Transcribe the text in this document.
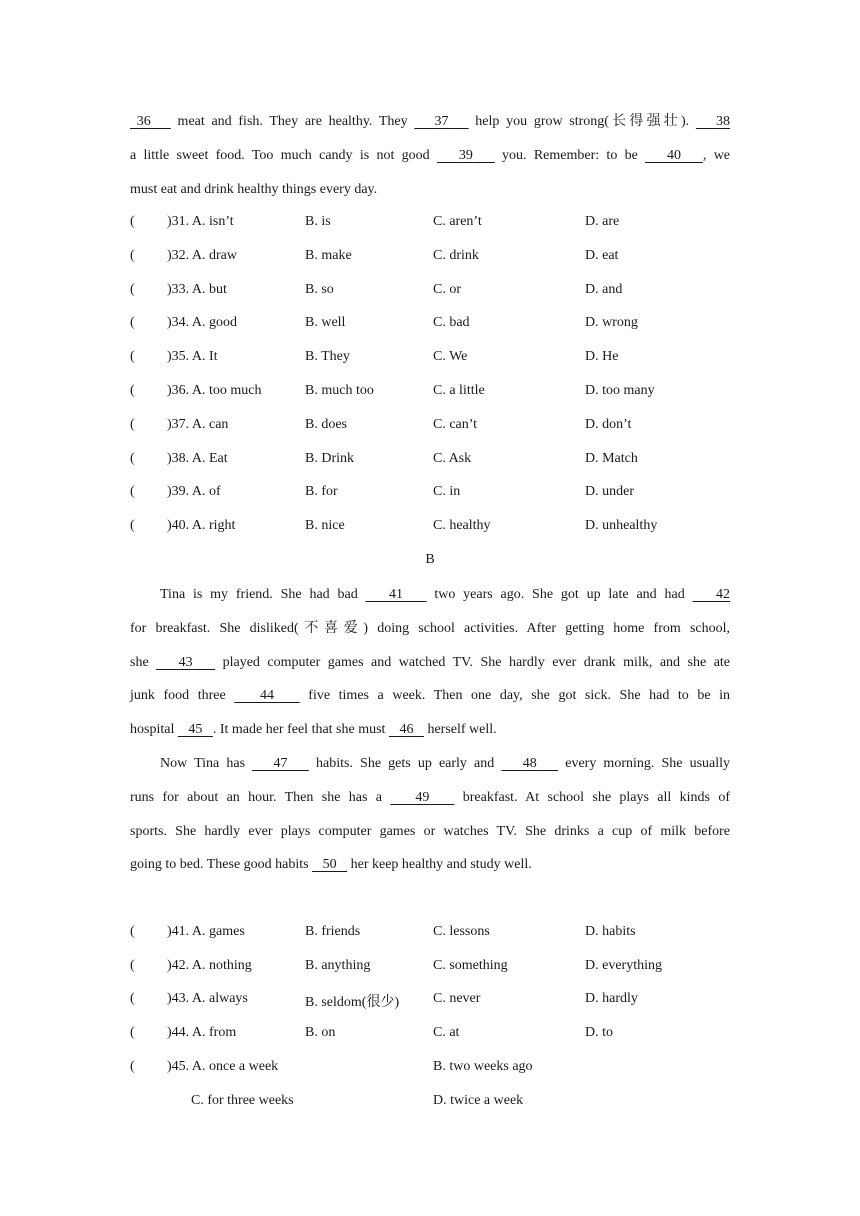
36    meat and fish. They are healthy. They    37    help you grow strong(长得强壮).    38
a little sweet food. Too much candy is not good    39    you. Remember: to be    40 , we
must eat and drink healthy things every day.
( )31. A. isn’t	B. is	C. aren’t	D. are
( )32. A. draw	B. make	C. drink	D. eat
( )33. A. but	B. so	C. or	D. and
( )34. A. good	B. well	C. bad	D. wrong
( )35. A. It	B. They	C. We	D. He
( )36. A. too much	B. much too	C. a little	D. too many
( )37. A. can	B. does	C. can’t	D. don’t
( )38. A. Eat	B. Drink	C. Ask	D. Match
( )39. A. of	B. for	C. in	D. under
( )40. A. right	B. nice	C. healthy	D. unhealthy
B
Tina is my friend. She had bad    41    two years ago. She got up late and had    42
for breakfast. She disliked(不喜爱) doing school activities. After getting home from school,
she    43    played computer games and watched TV. She hardly ever drank milk, and she ate
junk food three    44    five times a week. Then one day, she got sick. She had to be in
hospital    45 . It made her feel that she must    46    herself well.
Now Tina has    47    habits. She gets up early and    48    every morning. She usually
runs for about an hour. Then she has a    49    breakfast. At school she plays all kinds of
sports. She hardly ever plays computer games or watches TV. She drinks a cup of milk before
going to bed. These good habits    50    her keep healthy and study well.
( )41. A. games	B. friends	C. lessons	D. habits
( )42. A. nothing	B. anything	C. something	D. everything
( )43. A. always	B. seldom(很少) C. never	D. hardly
( )44. A. from	B. on	C. at	D. to
( )45. A. once a week	B. two weeks ago
C. for three weeks	D. twice a week
